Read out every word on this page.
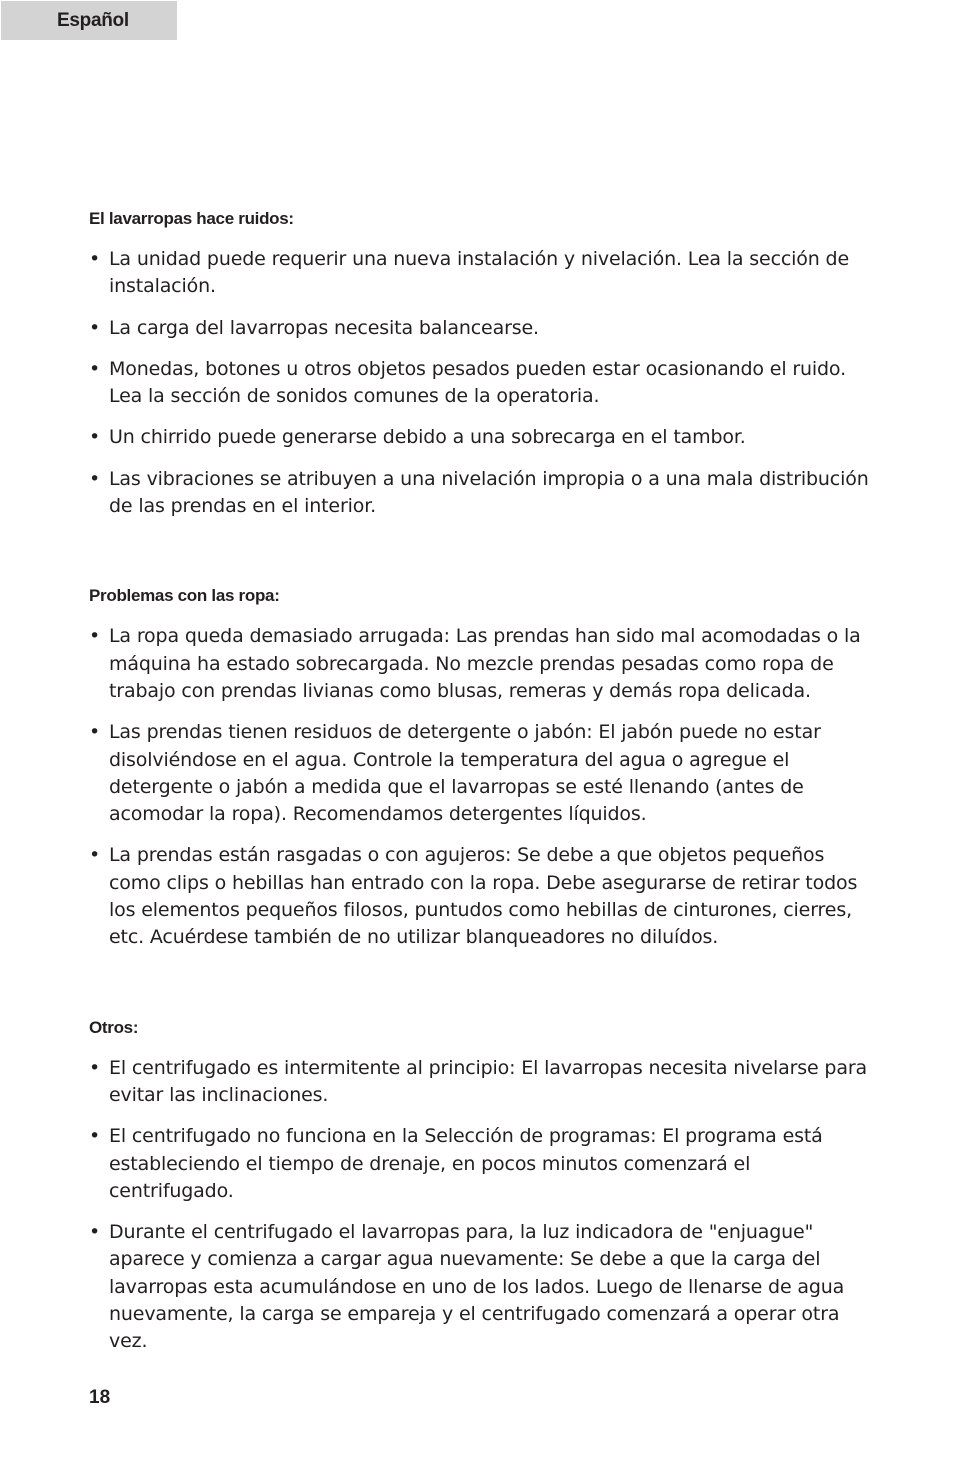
Español
El lavarropas hace ruidos:
• La unidad puede requerir una nueva instalación y nivelación. Lea la sección de instalación.
• La carga del lavarropas necesita balancearse.
• Monedas, botones u otros objetos pesados pueden estar ocasionando el ruido. Lea la sección de sonidos comunes de la operatoria.
• Un chirrido puede generarse debido a una sobrecarga en el tambor.
• Las vibraciones se atribuyen a una nivelación impropia o a una mala distribución de las prendas en el interior.
Problemas con las ropa:
• La ropa queda demasiado arrugada: Las prendas han sido mal acomodadas o la máquina ha estado sobrecargada. No mezcle prendas pesadas como ropa de trabajo con prendas livianas como blusas, remeras y demás ropa delicada.
• Las prendas tienen residuos de detergente o jabón: El jabón puede no estar disolviéndose en el agua. Controle la temperatura del agua o agregue el detergente o jabón a medida que el lavarropas se esté llenando (antes de acomodar la ropa). Recomendamos detergentes líquidos.
• La prendas están rasgadas o con agujeros: Se debe a que objetos pequeños como clips o hebillas han entrado con la ropa. Debe asegurarse de retirar todos los elementos pequeños filosos, puntudos como hebillas de cinturones, cierres, etc. Acuérdese también de no utilizar blanqueadores no diluídos.
Otros:
• El centrifugado es intermitente al principio: El lavarropas necesita nivelarse para evitar las inclinaciones.
• El centrifugado no funciona en la Selección de programas: El programa está estableciendo el tiempo de drenaje, en pocos minutos comenzará el centrifugado.
• Durante el centrifugado el lavarropas para, la luz indicadora de "enjuague" aparece y comienza a cargar agua nuevamente: Se debe a que la carga del lavarropas esta acumulándose en uno de los lados. Luego de llenarse de agua nuevamente, la carga se empareja y el centrifugado comenzará a operar otra vez.
18
